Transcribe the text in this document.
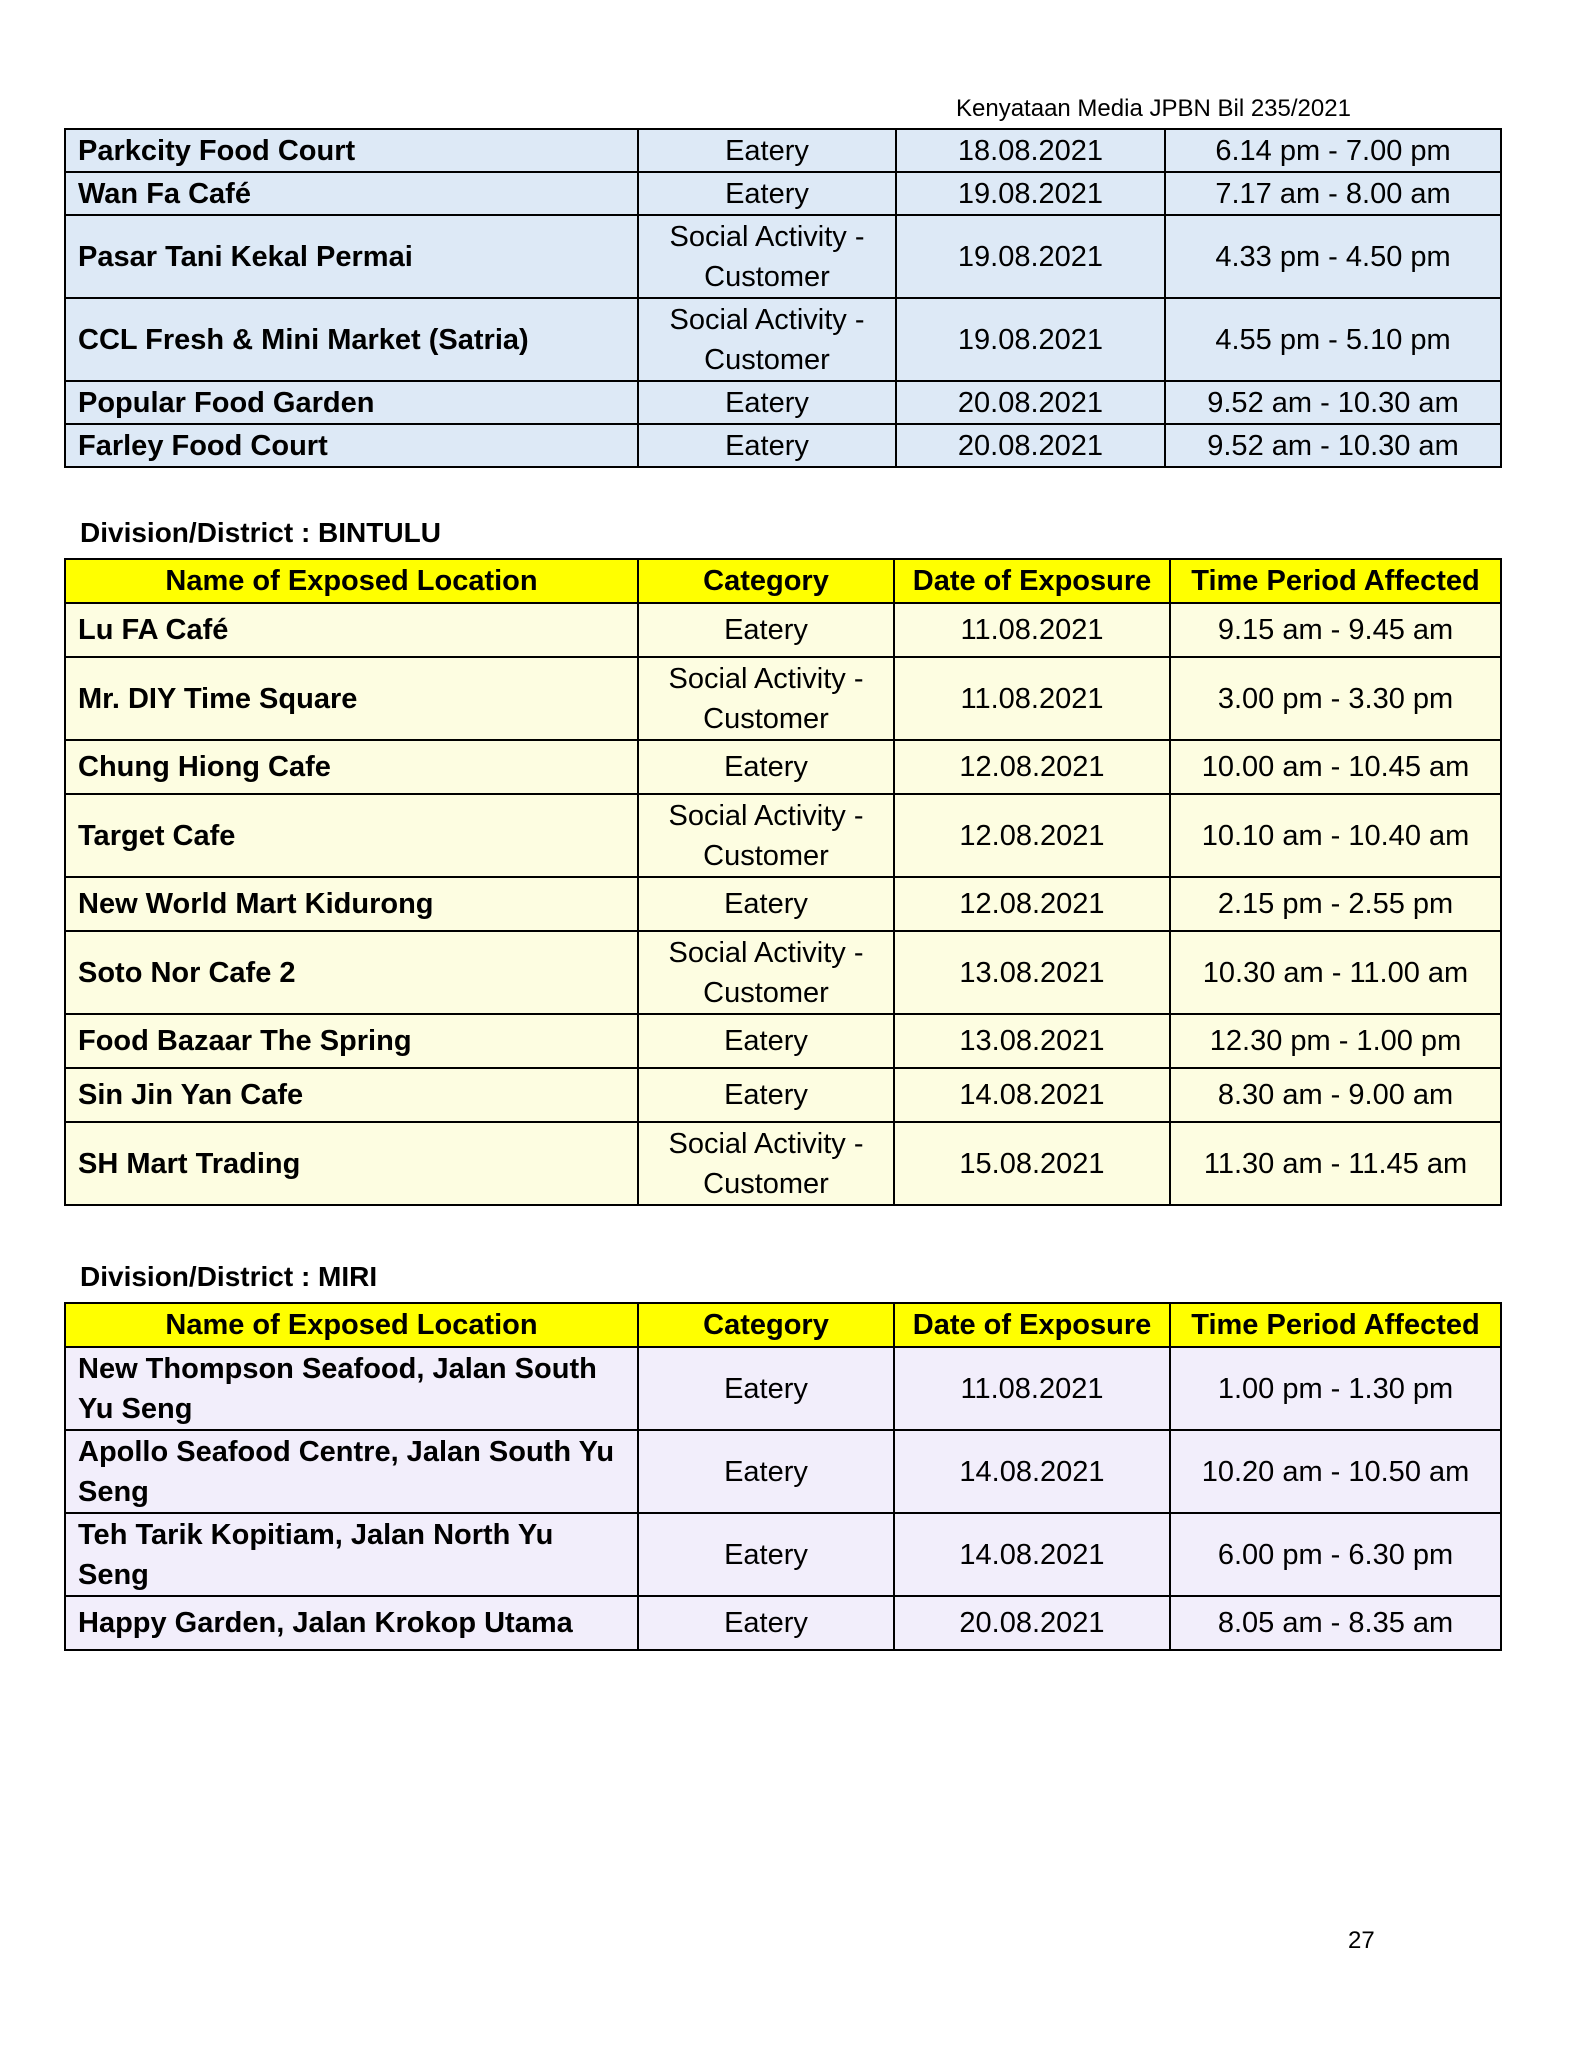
Kenyataan Media JPBN Bil 235/2021
Parkcity Food Court	Eatery	18.08.2021	6.14 pm - 7.00 pm
Wan Fa Café	Eatery	19.08.2021	7.17 am - 8.00 am
Pasar Tani Kekal Permai	Social Activity - Customer	19.08.2021	4.33 pm - 4.50 pm
CCL Fresh & Mini Market (Satria)	Social Activity - Customer	19.08.2021	4.55 pm - 5.10 pm
Popular Food Garden	Eatery	20.08.2021	9.52 am - 10.30 am
Farley Food Court	Eatery	20.08.2021	9.52 am - 10.30 am
Division/District : BINTULU
Name of Exposed Location	Category	Date of Exposure	Time Period Affected
Lu FA Café	Eatery	11.08.2021	9.15 am - 9.45 am
Mr. DIY Time Square	Social Activity - Customer	11.08.2021	3.00 pm - 3.30 pm
Chung Hiong Cafe	Eatery	12.08.2021	10.00 am - 10.45 am
Target Cafe	Social Activity - Customer	12.08.2021	10.10 am - 10.40 am
New World Mart Kidurong	Eatery	12.08.2021	2.15 pm - 2.55 pm
Soto Nor Cafe 2	Social Activity - Customer	13.08.2021	10.30 am - 11.00 am
Food Bazaar The Spring	Eatery	13.08.2021	12.30 pm - 1.00 pm
Sin Jin Yan Cafe	Eatery	14.08.2021	8.30 am - 9.00 am
SH Mart Trading	Social Activity - Customer	15.08.2021	11.30 am - 11.45 am
Division/District : MIRI
Name of Exposed Location	Category	Date of Exposure	Time Period Affected
New Thompson Seafood, Jalan South Yu Seng	Eatery	11.08.2021	1.00 pm - 1.30 pm
Apollo Seafood Centre, Jalan South Yu Seng	Eatery	14.08.2021	10.20 am - 10.50 am
Teh Tarik Kopitiam, Jalan North Yu Seng	Eatery	14.08.2021	6.00 pm - 6.30 pm
Happy Garden, Jalan Krokop Utama	Eatery	20.08.2021	8.05 am - 8.35 am
27
